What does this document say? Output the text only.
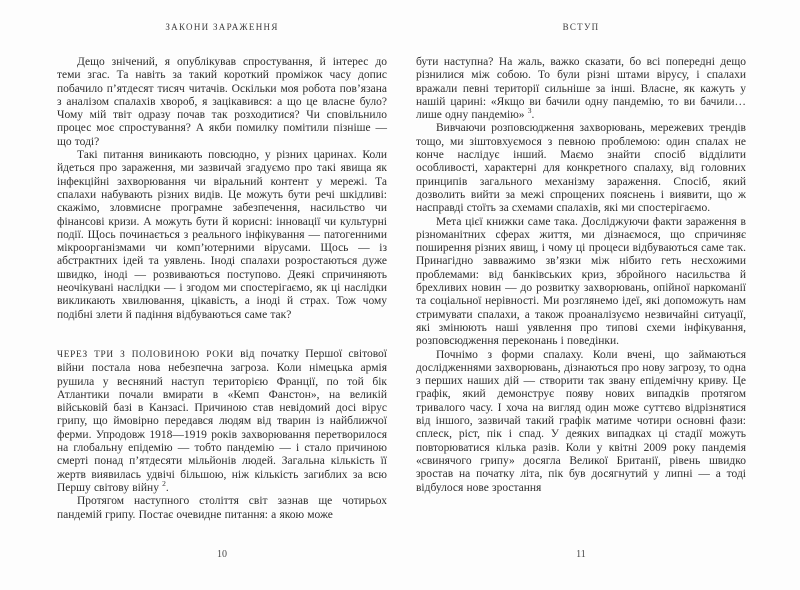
ЗАКОНИ ЗАРАЖЕННЯ

Дещо знічений, я опублікував спростування, й інтерес до теми згас. Та навіть за такий короткий проміжок часу допис побачило п’ятдесят тисяч читачів. Оскільки моя робота пов’язана з аналізом спалахів хвороб, я зацікавився: а що це власне було? Чому мій твіт одразу почав так розходитися? Чи сповільнило процес моє спростування? А якби помилку помітили пізніше — що тоді?

Такі питання виникають повсюдно, у різних царинах. Коли йдеться про зараження, ми зазвичай згадуємо про такі явища як інфекційні захворювання чи віральний контент у мережі. Та спалахи набувають різних видів. Це можуть бути речі шкідливі: скажімо, зловмисне програмне забезпечення, насильство чи фінансові кризи. А можуть бути й корисні: інновації чи культурні події. Щось починається з реального інфікування — патогенними мікроорганізмами чи комп’ютерними вірусами. Щось — із абстрактних ідей та уявлень. Іноді спалахи розростаються дуже швидко, іноді — розвиваються поступово. Деякі спричиняють неочікувані наслідки — і згодом ми спостерігаємо, як ці наслідки викликають хвилювання, цікавість, а іноді й страх. Тож чому подібні злети й падіння відбуваються саме так?

ЧЕРЕЗ ТРИ З ПОЛОВИНОЮ РОКИ від початку Першої світової війни постала нова небезпечна загроза. Коли німецька армія рушила у весняний наступ територією Франції, по той бік Атлантики почали вмирати в «Кемп Фанстон», на великій військовій базі в Канзасі. Причиною став невідомий досі вірус грипу, що ймовірно передався людям від тварин із найближчої ферми. Упродовж 1918—1919 років захворювання перетворилося на глобальну епідемію — тобто пандемію — і стало причиною смерті понад п’ятдесяти мільйонів людей. Загальна кількість її жертв виявилась удвічі більшою, ніж кількість загиблих за всю Першу світову війну $^2$.

Протягом наступного століття світ зазнав ще чотирьох пандемій грипу. Постає очевидне питання: а якою може

10
ВСТУП

бути наступна? На жаль, важко сказати, бо всі попередні дещо різнилися між собою. То були різні штами вірусу, і спалахи вражали певні території сильніше за інші. Власне, як кажуть у нашій царині: «Якщо ви бачили одну пандемію, то ви бачили… лише одну пандемію» $^3$.

Вивчаючи розповсюдження захворювань, мережевих трендів тощо, ми зіштовхуємося з певною проблемою: один спалах не конче наслідує інший. Маємо знайти спосіб відділити особливості, характерні для конкретного спалаху, від головних принципів загального механізму зараження. Спосіб, який дозволить вийти за межі спрощених пояснень і виявити, що ж насправді стоїть за схемами спалахів, які ми спостерігаємо.

Мета цієї книжки саме така. Досліджуючи факти зараження в різноманітних сферах життя, ми дізнаємося, що спричиняє поширення різних явищ, і чому ці процеси відбуваються саме так. Принагідно завважимо зв’язки між нібито геть несхожими проблемами: від банківських криз, збройного насильства й брехливих новин — до розвитку захворювань, опійної наркоманії та соціальної нерівності. Ми розглянемо ідеї, які допоможуть нам стримувати спалахи, а також проаналізуємо незвичайні ситуації, які змінюють наші уявлення про типові схеми інфікування, розповсюдження переконань і поведінки.

Почнімо з форми спалаху. Коли вчені, що займаються дослідженнями захворювань, дізнаються про нову загрозу, то одна з перших наших дій — створити так звану епідемічну криву. Це графік, який демонструє появу нових випадків протягом тривалого часу. І хоча на вигляд один може суттєво відрізнятися від іншого, зазвичай такий графік матиме чотири основні фази: сплеск, ріст, пік і спад. У деяких випадках ці стадії можуть повторюватися кілька разів. Коли у квітні 2009 року пандемія «свинячого грипу» досягла Великої Британії, рівень швидко зростав на початку літа, пік був досягнутий у липні — а тоді відбулося нове зростання

11
